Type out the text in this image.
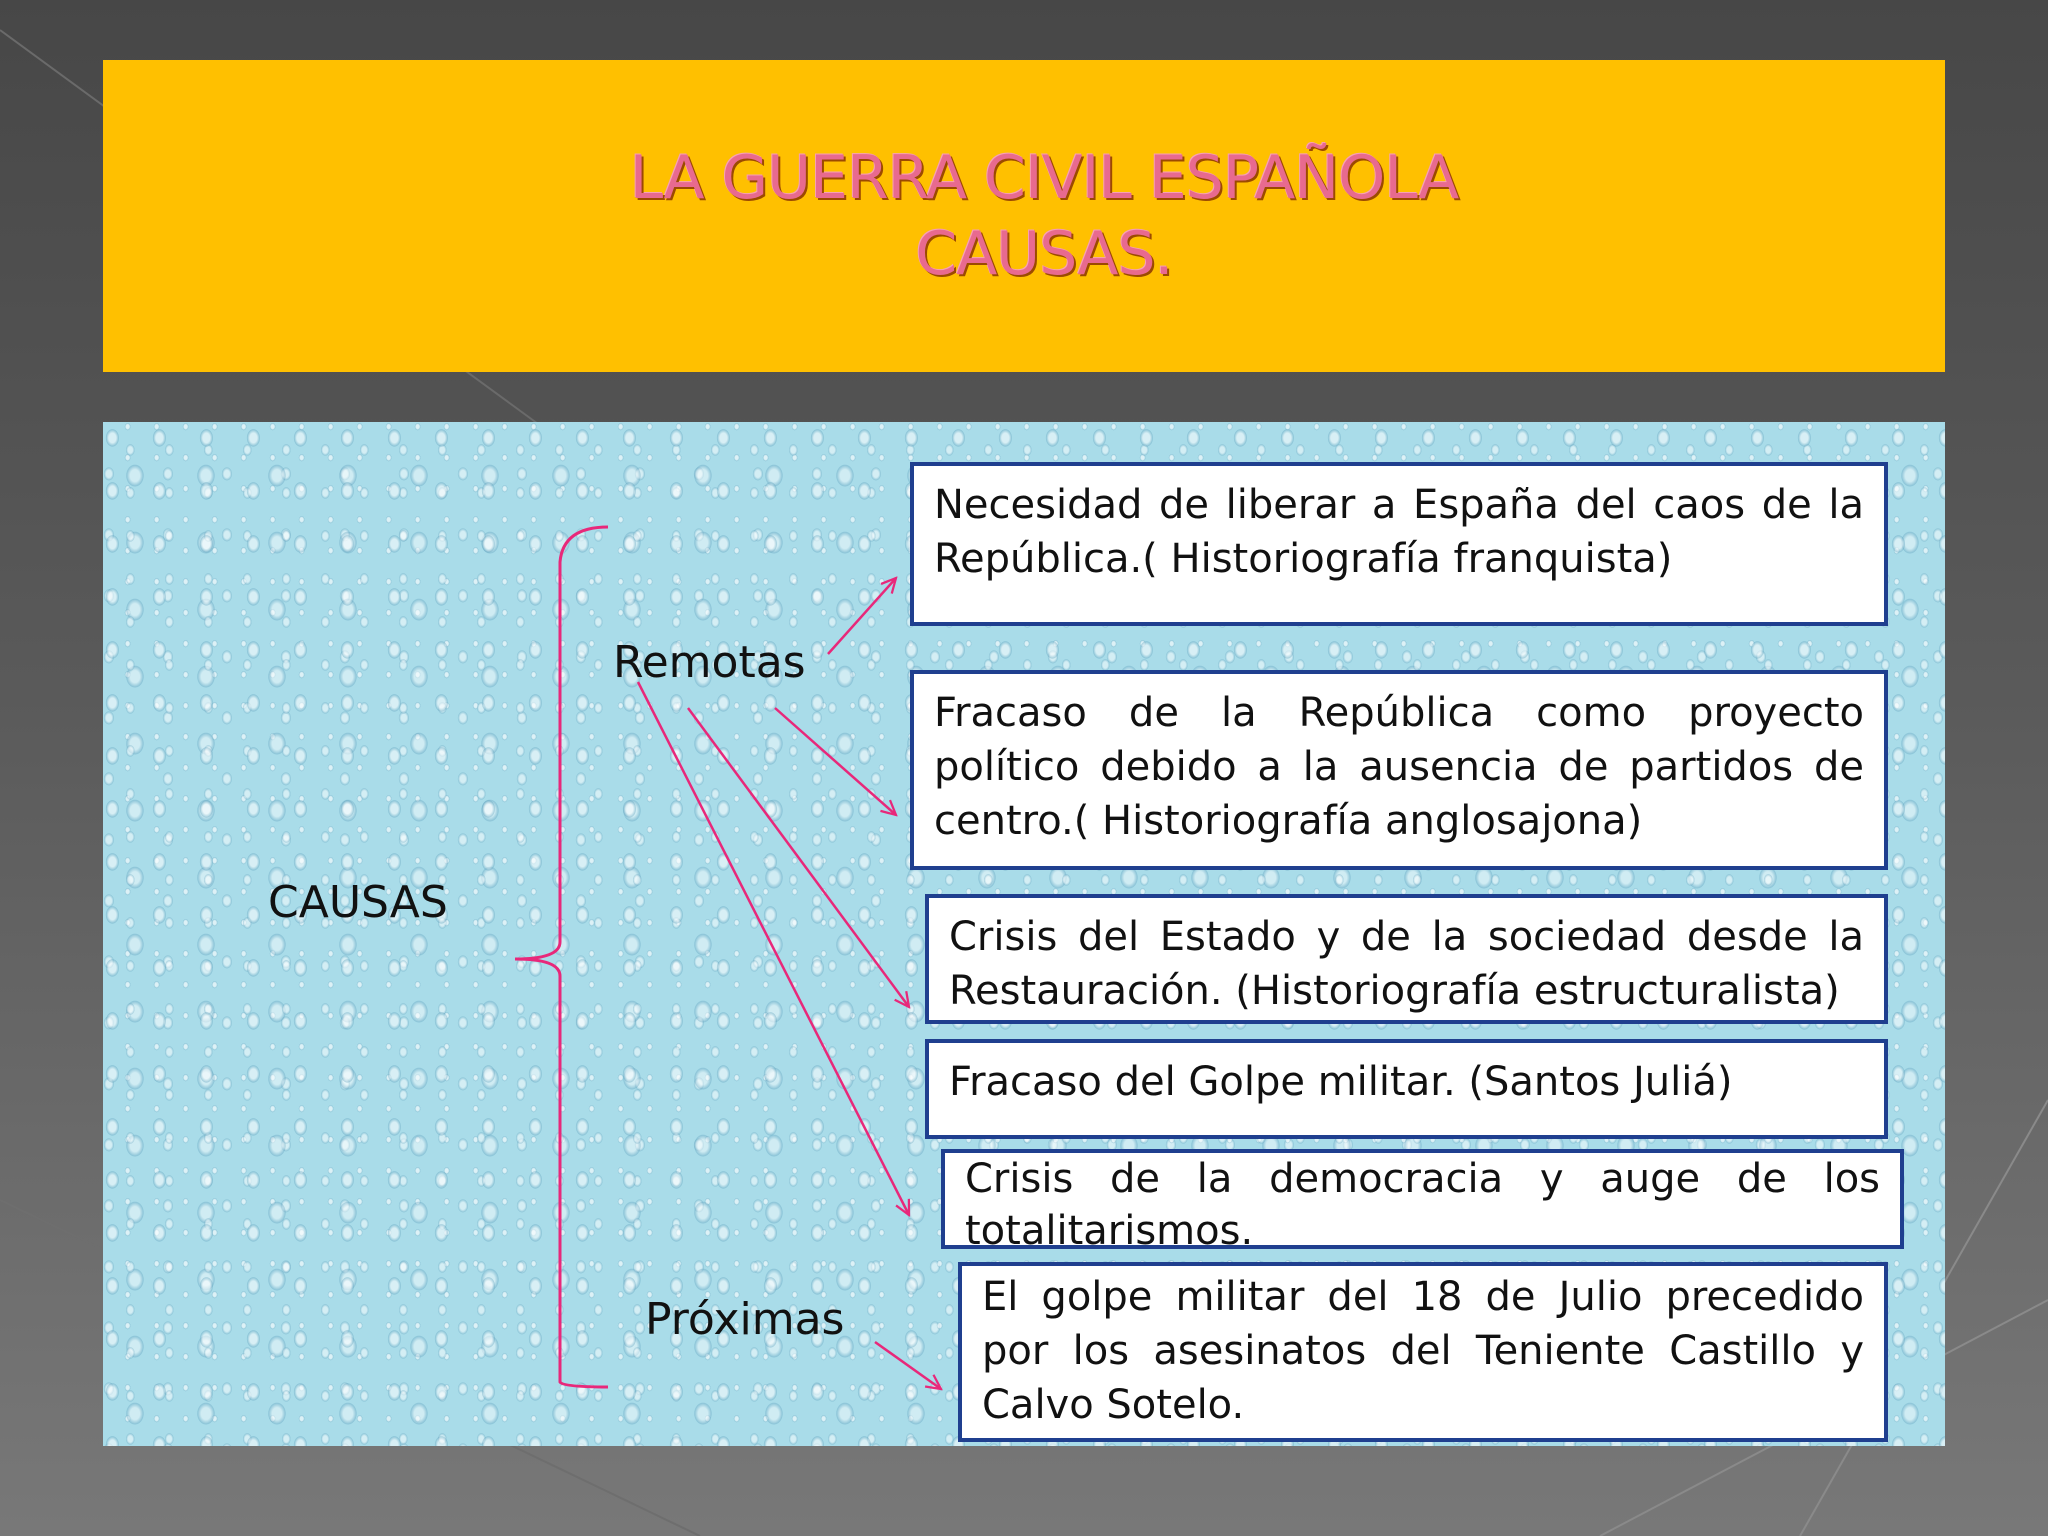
LA GUERRA CIVIL ESPAÑOLA
CAUSAS.
CAUSAS
Remotas
Próximas
Necesidad de liberar a España del caos de la República.( Historiografía franquista)
Fracaso de la República como proyecto político debido a la ausencia de partidos de centro.( Historiografía anglosajona)
Crisis del Estado y de la sociedad desde la Restauración. (Historiografía estructuralista)
Fracaso del Golpe militar. (Santos Juliá)
Crisis de la democracia y auge de los totalitarismos.
El golpe militar del 18 de Julio precedido por los asesinatos del Teniente Castillo y Calvo Sotelo.
